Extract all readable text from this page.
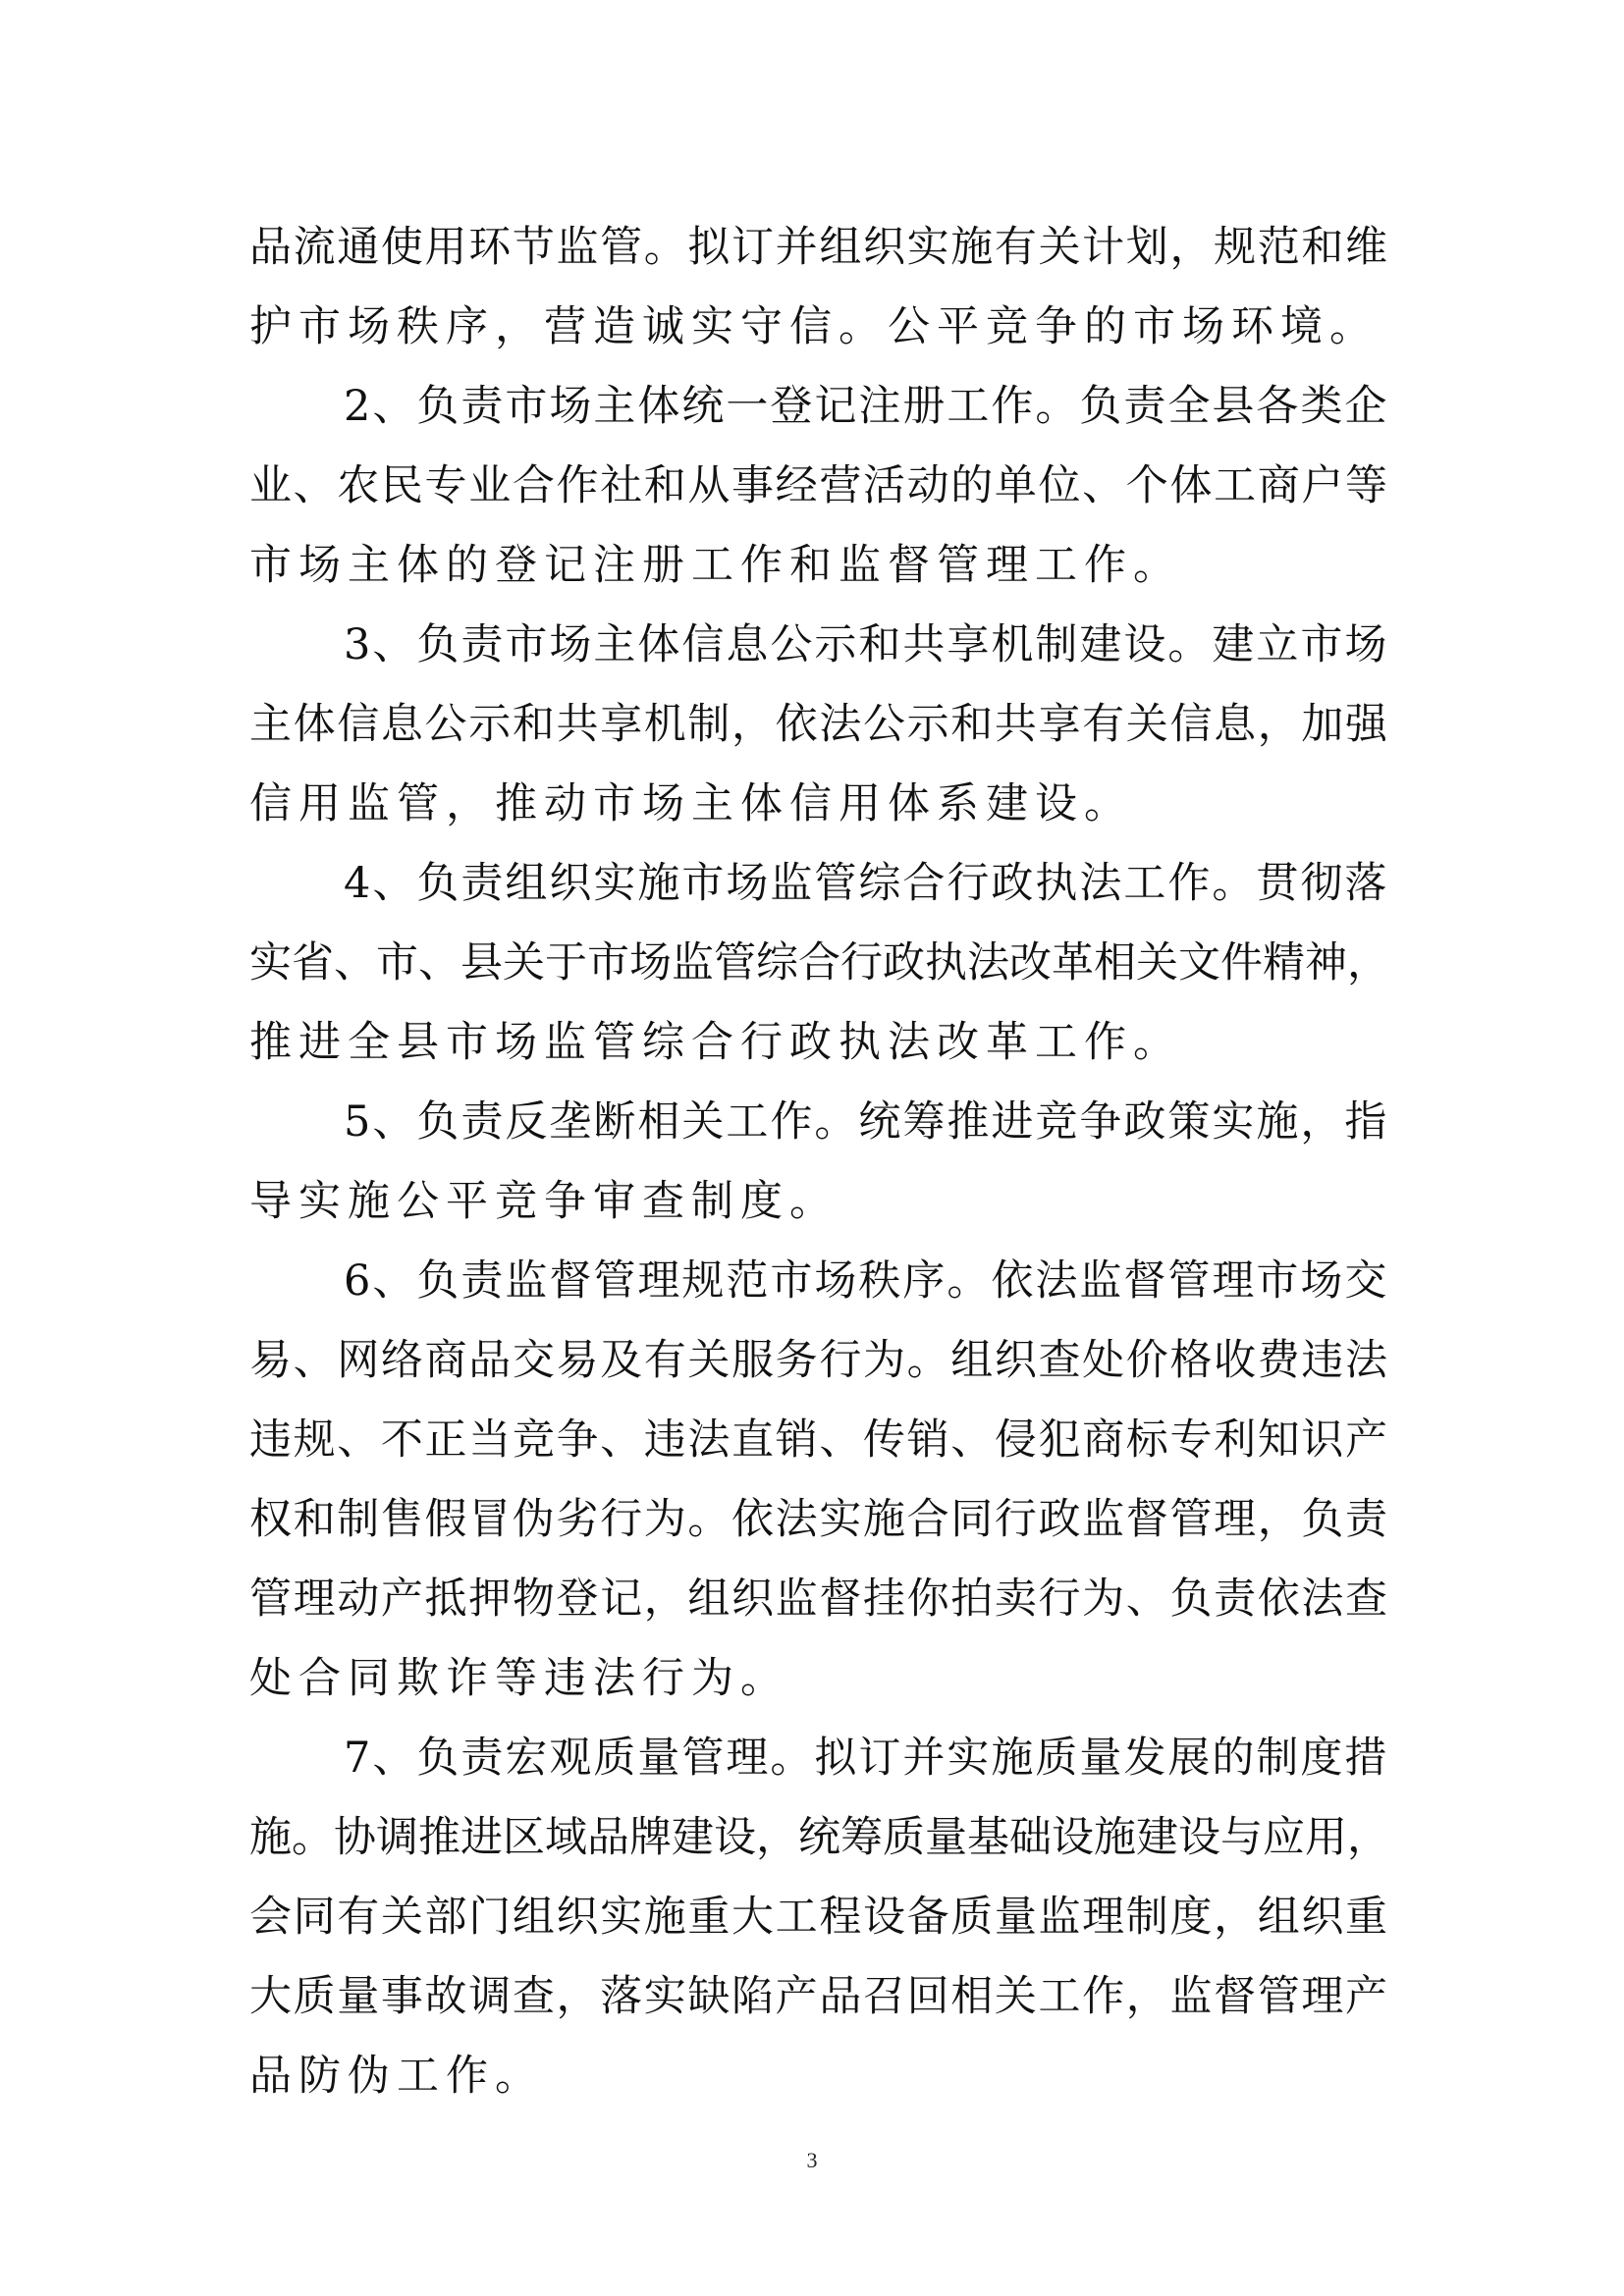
品流通使用环节监管。拟订并组织实施有关计划，规范和维
护市场秩序，营造诚实守信。公平竞争的市场环境。
2、负责市场主体统一登记注册工作。负责全县各类企
业、农民专业合作社和从事经营活动的单位、个体工商户等
市场主体的登记注册工作和监督管理工作。
3、负责市场主体信息公示和共享机制建设。建立市场
主体信息公示和共享机制，依法公示和共享有关信息，加强
信用监管，推动市场主体信用体系建设。
4、负责组织实施市场监管综合行政执法工作。贯彻落
实省、市、县关于市场监管综合行政执法改革相关文件精神，
推进全县市场监管综合行政执法改革工作。
5、负责反垄断相关工作。统筹推进竞争政策实施，指
导实施公平竞争审查制度。
6、负责监督管理规范市场秩序。依法监督管理市场交
易、网络商品交易及有关服务行为。组织查处价格收费违法
违规、不正当竞争、违法直销、传销、侵犯商标专利知识产
权和制售假冒伪劣行为。依法实施合同行政监督管理，负责
管理动产抵押物登记，组织监督挂你拍卖行为、负责依法查
处合同欺诈等违法行为。
7、负责宏观质量管理。拟订并实施质量发展的制度措
施。协调推进区域品牌建设，统筹质量基础设施建设与应用，
会同有关部门组织实施重大工程设备质量监理制度，组织重
大质量事故调查，落实缺陷产品召回相关工作，监督管理产
品防伪工作。
3
